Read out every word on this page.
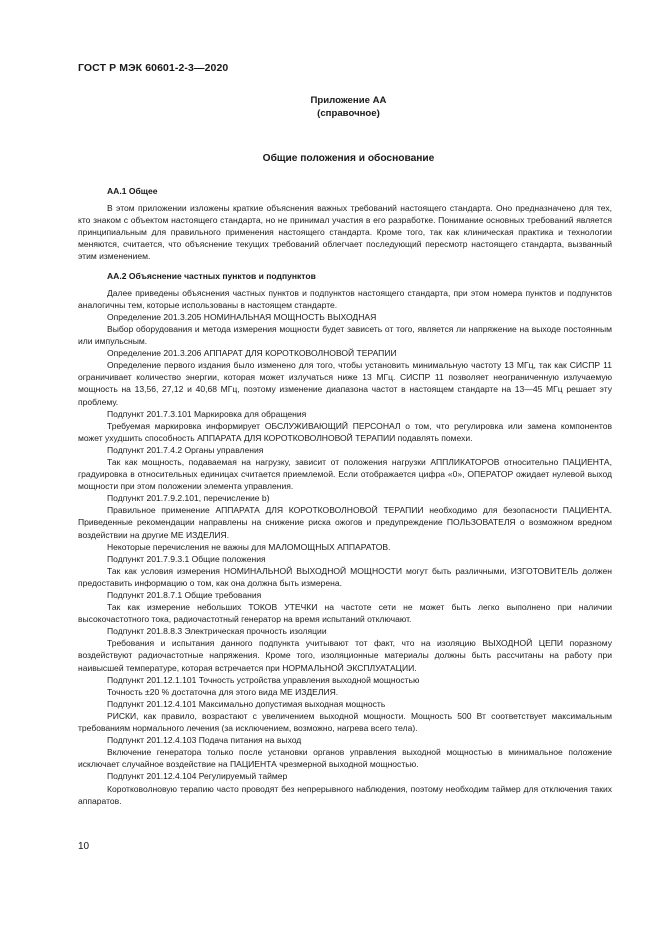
ГОСТ Р МЭК 60601-2-3—2020
Приложение АА
(справочное)
Общие положения и обоснование

АА.1 Общее

В этом приложении изложены краткие объяснения важных требований настоящего стандарта. Оно предназначено для тех, кто знаком с объектом настоящего стандарта, но не принимал участия в его разработке. Понимание основных требований является принципиальным для правильного применения настоящего стандарта. Кроме того, так как клиническая практика и технологии меняются, считается, что объяснение текущих требований облегчает последующий пересмотр настоящего стандарта, вызванный этим изменением.

АА.2 Объяснение частных пунктов и подпунктов

Далее приведены объяснения частных пунктов и подпунктов настоящего стандарта, при этом номера пунктов и подпунктов аналогичны тем, которые использованы в настоящем стандарте.

Определение 201.3.205 НОМИНАЛЬНАЯ МОЩНОСТЬ ВЫХОДНАЯ

Выбор оборудования и метода измерения мощности будет зависеть от того, является ли напряжение на выходе постоянным или импульсным.

Определение 201.3.206 АППАРАТ ДЛЯ КОРОТКОВОЛНОВОЙ ТЕРАПИИ

Определение первого издания было изменено для того, чтобы установить минимальную частоту 13 МГц, так как СИСПР 11 ограничивает количество энергии, которая может излучаться ниже 13 МГц. СИСПР 11 позволяет неограниченную излучаемую мощность на 13,56, 27,12 и 40,68 МГц, поэтому изменение диапазона частот в настоящем стандарте на 13—45 МГц решает эту проблему.

Подпункт 201.7.3.101 Маркировка для обращения

Требуемая маркировка информирует ОБСЛУЖИВАЮЩИЙ ПЕРСОНАЛ о том, что регулировка или замена компонентов может ухудшить способность АППАРАТА ДЛЯ КОРОТКОВОЛНОВОЙ ТЕРАПИИ подавлять помехи.

Подпункт 201.7.4.2 Органы управления

Так как мощность, подаваемая на нагрузку, зависит от положения нагрузки АППЛИКАТОРОВ относительно ПАЦИЕНТА, градуировка в относительных единицах считается приемлемой. Если отображается цифра «0», ОПЕРАТОР ожидает нулевой выход мощности при этом положении элемента управления.

Подпункт 201.7.9.2.101, перечисление b)

Правильное применение АППАРАТА ДЛЯ КОРОТКОВОЛНОВОЙ ТЕРАПИИ необходимо для безопасности ПАЦИЕНТА. Приведенные рекомендации направлены на снижение риска ожогов и предупреждение ПОЛЬЗОВАТЕЛЯ о возможном вредном воздействии на другие МЕ ИЗДЕЛИЯ.

Некоторые перечисления не важны для МАЛОМОЩНЫХ АППАРАТОВ.

Подпункт 201.7.9.3.1 Общие положения

Так как условия измерения НОМИНАЛЬНОЙ ВЫХОДНОЙ МОЩНОСТИ могут быть различными, ИЗГОТОВИТЕЛЬ должен предоставить информацию о том, как она должна быть измерена.

Подпункт 201.8.7.1 Общие требования

Так как измерение небольших ТОКОВ УТЕЧКИ на частоте сети не может быть легко выполнено при наличии высокочастотного тока, радиочастотный генератор на время испытаний отключают.

Подпункт 201.8.8.3 Электрическая прочность изоляции

Требования и испытания данного подпункта учитывают тот факт, что на изоляцию ВЫХОДНОЙ ЦЕПИ поразному воздействуют радиочастотные напряжения. Кроме того, изоляционные материалы должны быть рассчитаны на работу при наивысшей температуре, которая встречается при НОРМАЛЬНОЙ ЭКСПЛУАТАЦИИ.

Подпункт 201.12.1.101 Точность устройства управления выходной мощностью

Точность ±20 % достаточна для этого вида МЕ ИЗДЕЛИЯ.

Подпункт 201.12.4.101 Максимально допустимая выходная мощность

РИСКИ, как правило, возрастают с увеличением выходной мощности. Мощность 500 Вт соответствует максимальным требованиям нормального лечения (за исключением, возможно, нагрева всего тела).

Подпункт 201.12.4.103 Подача питания на выход

Включение генератора только после установки органов управления выходной мощностью в минимальное положение исключает случайное воздействие на ПАЦИЕНТА чрезмерной выходной мощностью.

Подпункт 201.12.4.104 Регулируемый таймер

Коротковолновую терапию часто проводят без непрерывного наблюдения, поэтому необходим таймер для отключения таких аппаратов.

10
